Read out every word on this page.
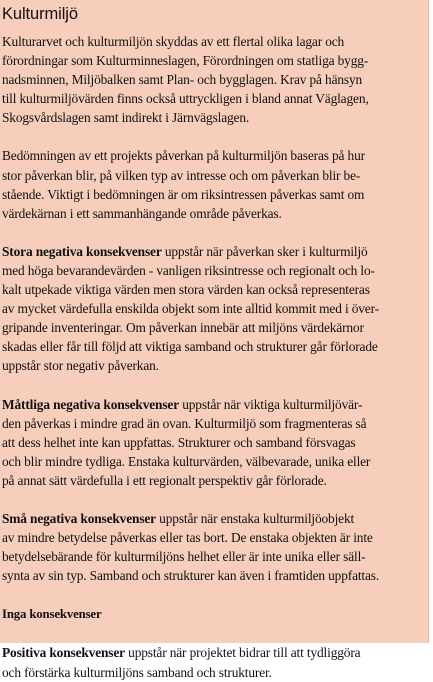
Kulturmiljö

Kulturarvet och kulturmiljön skyddas av ett flertal olika lagar och
förordningar som Kulturminneslagen, Förordningen om statliga bygg-
nadsminnen, Miljöbalken samt Plan- och bygglagen. Krav på hänsyn
till kulturmiljövärden finns också uttryckligen i bland annat Väglagen,
Skogsvårdslagen samt indirekt i Järnvägslagen.

Bedömningen av ett projekts påverkan på kulturmiljön baseras på hur
stor påverkan blir, på vilken typ av intresse och om påverkan blir be-
stående. Viktigt i bedömningen är om riksintressen påverkas samt om
värdekärnan i ett sammanhängande område påverkas.

Stora negativa konsekvenser uppstår när påverkan sker i kulturmiljö
med höga bevarandevärden - vanligen riksintresse och regionalt och lo-
kalt utpekade viktiga värden men stora värden kan också representeras
av mycket värdefulla enskilda objekt som inte alltid kommit med i över-
gripande inventeringar. Om påverkan innebär att miljöns värdekärnor
skadas eller får till följd att viktiga samband och strukturer går förlorade
uppstår stor negativ påverkan.

Måttliga negativa konsekvenser uppstår när viktiga kulturmiljövär-
den påverkas i mindre grad än ovan. Kulturmiljö som fragmenteras så
att dess helhet inte kan uppfattas. Strukturer och samband försvagas
och blir mindre tydliga. Enstaka kulturvärden, välbevarade, unika eller
på annat sätt värdefulla i ett regionalt perspektiv går förlorade.

Små negativa konsekvenser uppstår när enstaka kulturmiljöobjekt
av mindre betydelse påverkas eller tas bort. De enstaka objekten är inte
betydelsebärande för kulturmiljöns helhet eller är inte unika eller säll-
synta av sin typ. Samband och strukturer kan även i framtiden uppfattas.

Inga konsekvenser

Positiva konsekvenser uppstår när projektet bidrar till att tydliggöra
och förstärka kulturmiljöns samband och strukturer.
